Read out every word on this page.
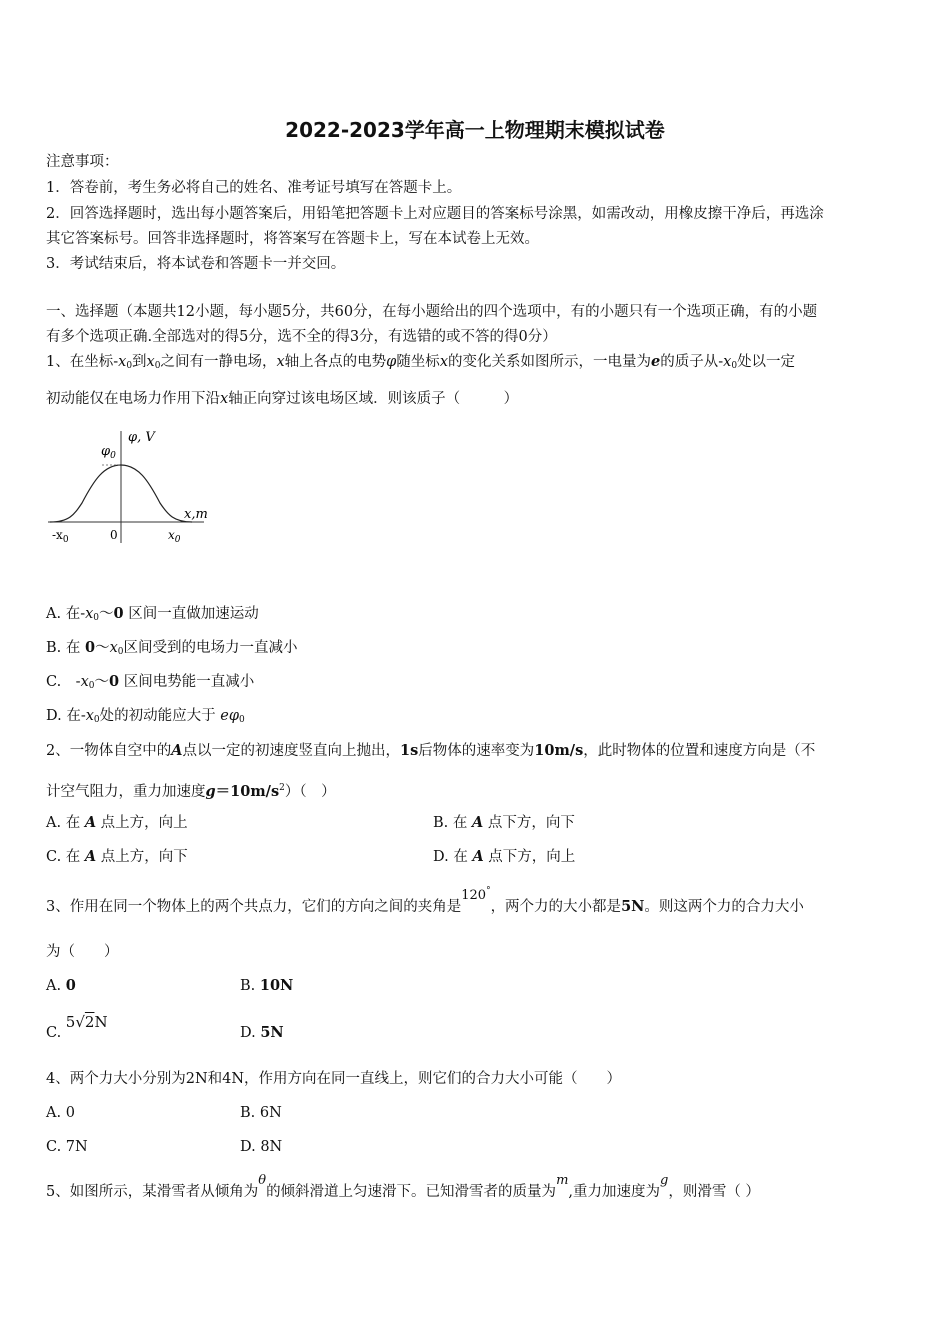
2022-2023学年高一上物理期末模拟试卷
注意事项：
1．答卷前，考生务必将自己的姓名、准考证号填写在答题卡上。
2．回答选择题时，选出每小题答案后，用铅笔把答题卡上对应题目的答案标号涂黑，如需改动，用橡皮擦干净后，再选涂
其它答案标号。回答非选择题时，将答案写在答题卡上，写在本试卷上无效。
3．考试结束后，将本试卷和答题卡一并交回。
一、选择题（本题共12小题，每小题5分，共60分，在每小题给出的四个选项中，有的小题只有一个选项正确，有的小题
有多个选项正确.全部选对的得5分，选不全的得3分，有选错的或不答的得0分）
1、在坐标$-x_0$到$x_0$之间有一静电场，x轴上各点的电势φ随坐标x的变化关系如图所示，一电量为e的质子从$-x_0$处以一定
初动能仅在电场力作用下沿x轴正向穿过该电场区域．则该质子（　　　）
φ, V
$\varphi_0$
x,m
$-x_0$	0	$x_0$
A. 在$-x_0\sim 0$ 区间一直做加速运动
B. 在 $0\sim x_0$区间受到的电场力一直减小
C.　$-x_0\sim 0$ 区间电势能一直减小
D. 在$-x_0$处的初动能应大于 $e\varphi_0$
2、一物体自空中的A点以一定的初速度竖直向上抛出，1s后物体的速率变为10m/s，此时物体的位置和速度方向是（不
计空气阻力，重力加速度$g=10m/s^2$）（　）
A. 在 A 点上方，向上	B. 在 A 点下方，向下
C. 在 A 点上方，向下	D. 在 A 点下方，向上
3、作用在同一个物体上的两个共点力，它们的方向之间的夹角是120°，两个力的大小都是5N。则这两个力的合力大小
为（　　）
A. 0	B. 10N
C. 5√2N
D. 5N
4、两个力大小分别为2N和4N，作用方向在同一直线上，则它们的合力大小可能（　　）
A. 0	B. 6N
C. 7N	D. 8N
5、如图所示，某滑雪者从倾角为θ的倾斜滑道上匀速滑下。已知滑雪者的质量为m,重力加速度为g，则滑雪（ ）
